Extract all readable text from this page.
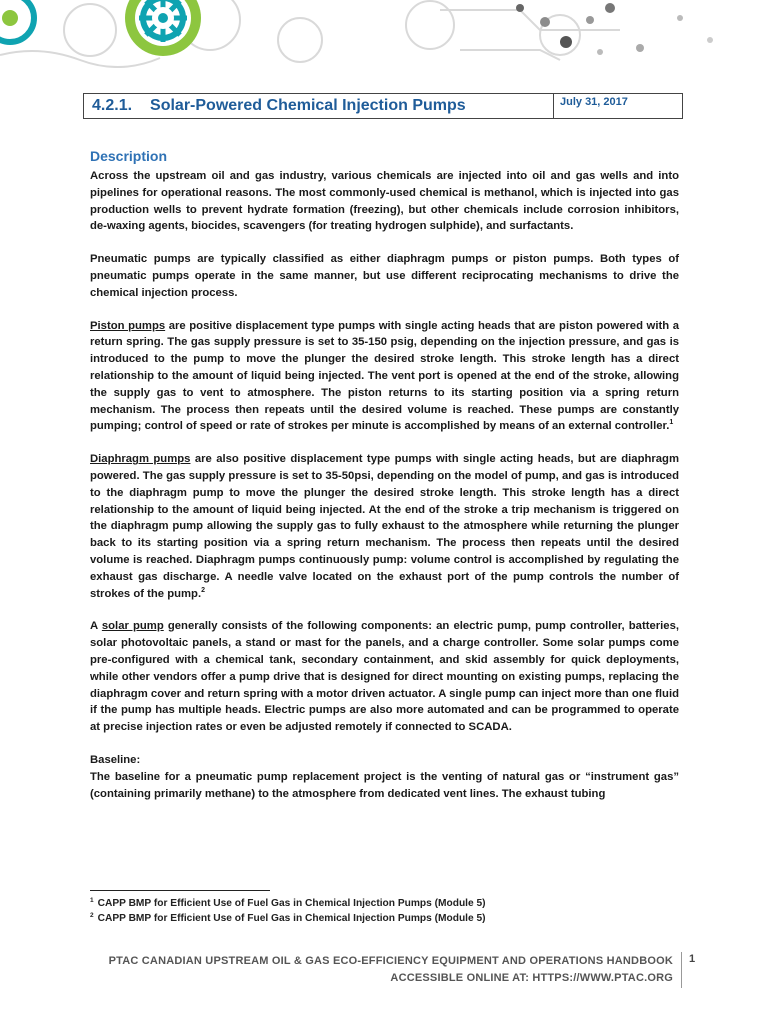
4.2.1. Solar-Powered Chemical Injection Pumps	July 31, 2017
Description

Across the upstream oil and gas industry, various chemicals are injected into oil and gas wells and into pipelines for operational reasons. The most commonly-used chemical is methanol, which is injected into gas production wells to prevent hydrate formation (freezing), but other chemicals include corrosion inhibitors, de-waxing agents, biocides, scavengers (for treating hydrogen sulphide), and surfactants.

Pneumatic pumps are typically classified as either diaphragm pumps or piston pumps. Both types of pneumatic pumps operate in the same manner, but use different reciprocating mechanisms to drive the chemical injection process.

Piston pumps are positive displacement type pumps with single acting heads that are piston powered with a return spring. The gas supply pressure is set to 35-150 psig, depending on the injection pressure, and gas is introduced to the pump to move the plunger the desired stroke length. This stroke length has a direct relationship to the amount of liquid being injected. The vent port is opened at the end of the stroke, allowing the supply gas to vent to atmosphere. The piston returns to its starting position via a spring return mechanism. The process then repeats until the desired volume is reached. These pumps are constantly pumping; control of speed or rate of strokes per minute is accomplished by means of an external controller.$^1$

Diaphragm pumps are also positive displacement type pumps with single acting heads, but are diaphragm powered. The gas supply pressure is set to 35-50psi, depending on the model of pump, and gas is introduced to the diaphragm pump to move the plunger the desired stroke length. This stroke length has a direct relationship to the amount of liquid being injected. At the end of the stroke a trip mechanism is triggered on the diaphragm pump allowing the supply gas to fully exhaust to the atmosphere while returning the plunger back to its starting position via a spring return mechanism. The process then repeats until the desired volume is reached. Diaphragm pumps continuously pump: volume control is accomplished by regulating the exhaust gas discharge. A needle valve located on the exhaust port of the pump controls the number of strokes of the pump.$^2$

A solar pump generally consists of the following components: an electric pump, pump controller, batteries, solar photovoltaic panels, a stand or mast for the panels, and a charge controller. Some solar pumps come pre-configured with a chemical tank, secondary containment, and skid assembly for quick deployments, while other vendors offer a pump drive that is designed for direct mounting on existing pumps, replacing the diaphragm cover and return spring with a motor driven actuator. A single pump can inject more than one fluid if the pump has multiple heads. Electric pumps are also more automated and can be programmed to operate at precise injection rates or even be adjusted remotely if connected to SCADA.

Baseline:

The baseline for a pneumatic pump replacement project is the venting of natural gas or “instrument gas” (containing primarily methane) to the atmosphere from dedicated vent lines. The exhaust tubing

$^1$ CAPP BMP for Efficient Use of Fuel Gas in Chemical Injection Pumps (Module 5)
$^2$ CAPP BMP for Efficient Use of Fuel Gas in Chemical Injection Pumps (Module 5)
PTAC CANADIAN UPSTREAM OIL & GAS ECO-EFFICIENCY EQUIPMENT AND OPERATIONS HANDBOOK
ACCESSIBLE ONLINE AT: HTTPS://WWW.PTAC.ORG
1
